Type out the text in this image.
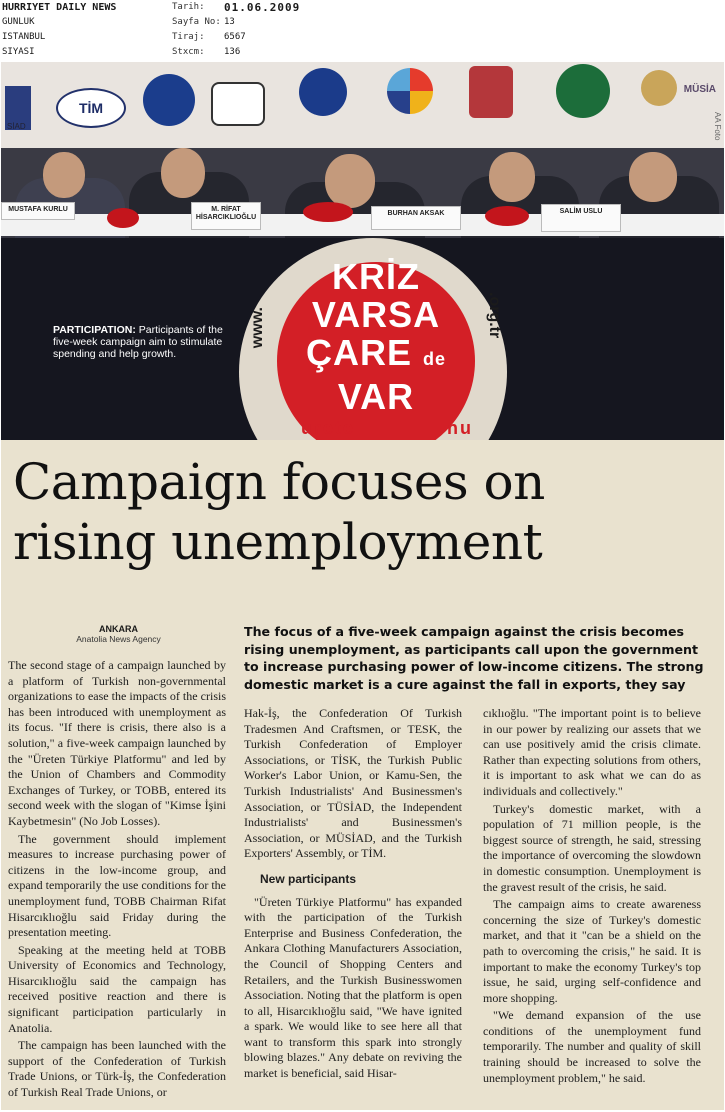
HURRIYET DAILY NEWS
GUNLUK
ISTANBUL
SIYASI
Tarih:	01.06.2009
Sayfa No: 13
Tiraj:	6567
Stxcm:	136
SİAD
TİM
MÜSİA
AA Foto
MUSTAFA KURLU	M. RİFAT HİSARCIKLIOĞLU
BURHAN AKSAK	SALİM USLU
KRİZ
VARSA
ÇARE de
VAR
www.	.org.tr
urete	nu
PARTICIPATION: Participants of the five-week campaign aim to stimulate spending and help growth.
Campaign focuses on
rising unemployment
ANKARA
Anatolia News Agency	The focus of a five-week campaign against the crisis becomes rising unemployment, as participants call upon the government to increase purchasing power of low-income citizens. The strong domestic market is a cure against the fall in exports, they say

The second stage of a campaign launched by a platform of Turkish non-governmental organizations to ease the impacts of the crisis has been introduced with unemployment as its focus. "If there is crisis, there also is a solution," a five-week campaign launched by the "Üreten Türkiye Platformu" and led by the Union of Chambers and Commodity Exchanges of Turkey, or TOBB, entered its second week with the slogan of "Kimse İşini Kaybetmesin" (No Job Losses).

The government should implement measures to increase purchasing power of citizens in the low-income group, and expand temporarily the use conditions for the unemployment fund, TOBB Chairman Rifat Hisarcıklıoğlu said Friday during the presentation meeting.

Speaking at the meeting held at TOBB University of Economics and Technology, Hisarcıklıoğlu said the campaign has received positive reaction and there is significant participation particularly in Anatolia.

The campaign has been launched with the support of the Confederation of Turkish Trade Unions, or Türk-İş, the Confederation of Turkish Real Trade Unions, or

Hak-İş, the Confederation Of Turkish Tradesmen And Craftsmen, or TESK, the Turkish Confederation of Employer Associations, or TİSK, the Turkish Public Worker's Labor Union, or Kamu-Sen, the Turkish Industrialists' And Businessmen's Association, or TÜSİAD, the Independent Industrialists' and Businessmen's Association, or MÜSİAD, and the Turkish Exporters' Assembly, or TİM.

New participants

"Üreten Türkiye Platformu" has expanded with the participation of the Turkish Enterprise and Business Confederation, the Ankara Clothing Manufacturers Association, the Council of Shopping Centers and Retailers, and the Turkish Businesswomen Association. Noting that the platform is open to all, Hisarcıklıoğlu said, "We have ignited a spark. We would like to see here all that want to transform this spark into strongly blowing blazes." Any debate on reviving the market is beneficial, said Hisar-

cıklıoğlu. "The important point is to believe in our power by realizing our assets that we can use positively amid the crisis climate. Rather than expecting solutions from others, it is important to ask what we can do as individuals and collectively."

Turkey's domestic market, with a population of 71 million people, is the biggest source of strength, he said, stressing the importance of overcoming the slowdown in domestic consumption. Unemployment is the gravest result of the crisis, he said.

The campaign aims to create awareness concerning the size of Turkey's domestic market, and that it "can be a shield on the path to overcoming the crisis," he said. It is important to make the economy Turkey's top issue, he said, urging self-confidence and more shopping.

"We demand expansion of the use conditions of the unemployment fund temporarily. The number and quality of skill training should be increased to solve the unemployment problem," he said.
